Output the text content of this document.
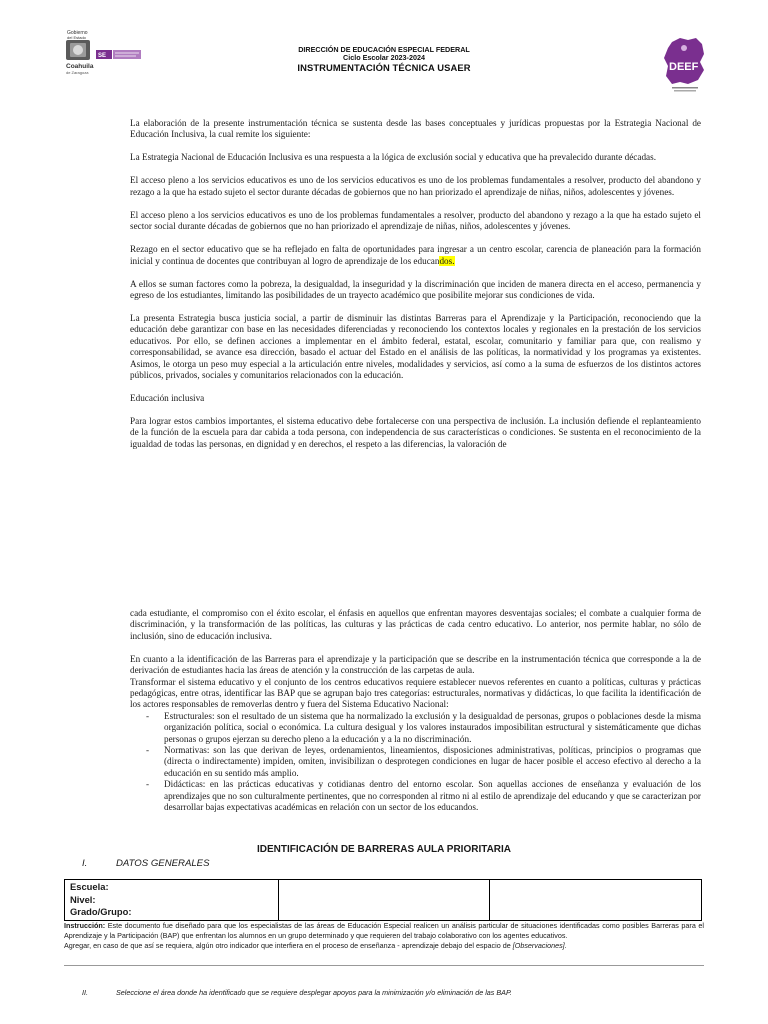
Gobierno
del Estado
Coahuila
de Zaragoza
SE
DIRECCIÓN DE EDUCACIÓN ESPECIAL FEDERAL
Ciclo Escolar 2023-2024
INSTRUMENTACIÓN TÉCNICA USAER	DEEF

La elaboración de la presente instrumentación técnica se sustenta desde las bases conceptuales y jurídicas propuestas por la Estrategia Nacional de Educación Inclusiva, la cual remite los siguiente:

La Estrategia Nacional de Educación Inclusiva es una respuesta a la lógica de exclusión social y educativa que ha prevalecido durante décadas.

El acceso pleno a los servicios educativos es uno de los servicios educativos es uno de los problemas fundamentales a resolver, producto del abandono y rezago a la que ha estado sujeto el sector durante décadas de gobiernos que no han priorizado el aprendizaje de niñas, niños, adolescentes y jóvenes.

El acceso pleno a los servicios educativos es uno de los problemas fundamentales a resolver, producto del abandono y rezago a la que ha estado sujeto el sector social durante décadas de gobiernos que no han priorizado el aprendizaje de niñas, niños, adolescentes y jóvenes.

Rezago en el sector educativo que se ha reflejado en falta de oportunidades para ingresar a un centro escolar, carencia de planeación para la formación inicial y continua de docentes que contribuyan al logro de aprendizaje de los educandos.

A ellos se suman factores como la pobreza, la desigualdad, la inseguridad y la discriminación que inciden de manera directa en el acceso, permanencia y egreso de los estudiantes, limitando las posibilidades de un trayecto académico que posibilite mejorar sus condiciones de vida.

La presenta Estrategia busca justicia social, a partir de disminuir las distintas Barreras para el Aprendizaje y la Participación, reconociendo que la educación debe garantizar con base en las necesidades diferenciadas y reconociendo los contextos locales y regionales en la prestación de los servicios educativos. Por ello, se definen acciones a implementar en el ámbito federal, estatal, escolar, comunitario y familiar para que, con realismo y corresponsabilidad, se avance esa dirección, basado el actuar del Estado en el análisis de las políticas, la normatividad y los programas ya existentes. Asimos, le otorga un peso muy especial a la articulación entre niveles, modalidades y servicios, así como a la suma de esfuerzos de los distintos actores públicos, privados, sociales y comunitarios relacionados con la educación.

Educación inclusiva

Para lograr estos cambios importantes, el sistema educativo debe fortalecerse con una perspectiva de inclusión. La inclusión defiende el replanteamiento de la función de la escuela para dar cabida a toda persona, con independencia de sus características o condiciones. Se sustenta en el reconocimiento de la igualdad de todas las personas, en dignidad y en derechos, el respeto a las diferencias, la valoración de

cada estudiante, el compromiso con el éxito escolar, el énfasis en aquellos que enfrentan mayores desventajas sociales; el combate a cualquier forma de discriminación, y la transformación de las políticas, las culturas y las prácticas de cada centro educativo. Lo anterior, nos permite hablar, no sólo de inclusión, sino de educación inclusiva.

En cuanto a la identificación de las Barreras para el aprendizaje y la participación que se describe en la instrumentación técnica que corresponde a la de derivación de estudiantes hacia las áreas de atención y la construcción de las carpetas de aula.

Transformar el sistema educativo y el conjunto de los centros educativos requiere establecer nuevos referentes en cuanto a políticas, culturas y prácticas pedagógicas, entre otras, identificar las BAP que se agrupan bajo tres categorías: estructurales, normativas y didácticas, lo que facilita la identificación de los actores responsables de removerlas dentro y fuera del Sistema Educativo Nacional:

- Estructurales: son el resultado de un sistema que ha normalizado la exclusión y la desigualdad de personas, grupos o poblaciones desde la misma organización política, social o económica. La cultura desigual y los valores instaurados imposibilitan estructural y sistemáticamente que dichas personas o grupos ejerzan su derecho pleno a la educación y a la no discriminación.
- Normativas: son las que derivan de leyes, ordenamientos, lineamientos, disposiciones administrativas, políticas, principios o programas que (directa o indirectamente) impiden, omiten, invisibilizan o desprotegen condiciones en lugar de hacer posible el acceso efectivo al derecho a la educación en su sentido más amplio.
- Didácticas: en las prácticas educativas y cotidianas dentro del entorno escolar. Son aquellas acciones de enseñanza y evaluación de los aprendizajes que no son culturalmente pertinentes, que no corresponden al ritmo ni al estilo de aprendizaje del educando y que se caracterizan por desarrollar bajas expectativas académicas en relación con un sector de los educandos.
IDENTIFICACIÓN DE BARRERAS AULA PRIORITARIA
I.	DATOS GENERALES
Escuela:
Nivel:
Grado/Grupo:

Instrucción: Este documento fue diseñado para que los especialistas de las áreas de Educación Especial realicen un análisis particular de situaciones identificadas como posibles Barreras para el Aprendizaje y la Participación (BAP) que enfrentan los alumnos en un grupo determinado y que requieren del trabajo colaborativo con los agentes educativos.
Agregar, en caso de que así se requiera, algún otro indicador que interfiera en el proceso de enseñanza - aprendizaje debajo del espacio de [Observaciones].
II.	Seleccione el área donde ha identificado que se requiere desplegar apoyos para la minimización y/o eliminación de las BAP.
